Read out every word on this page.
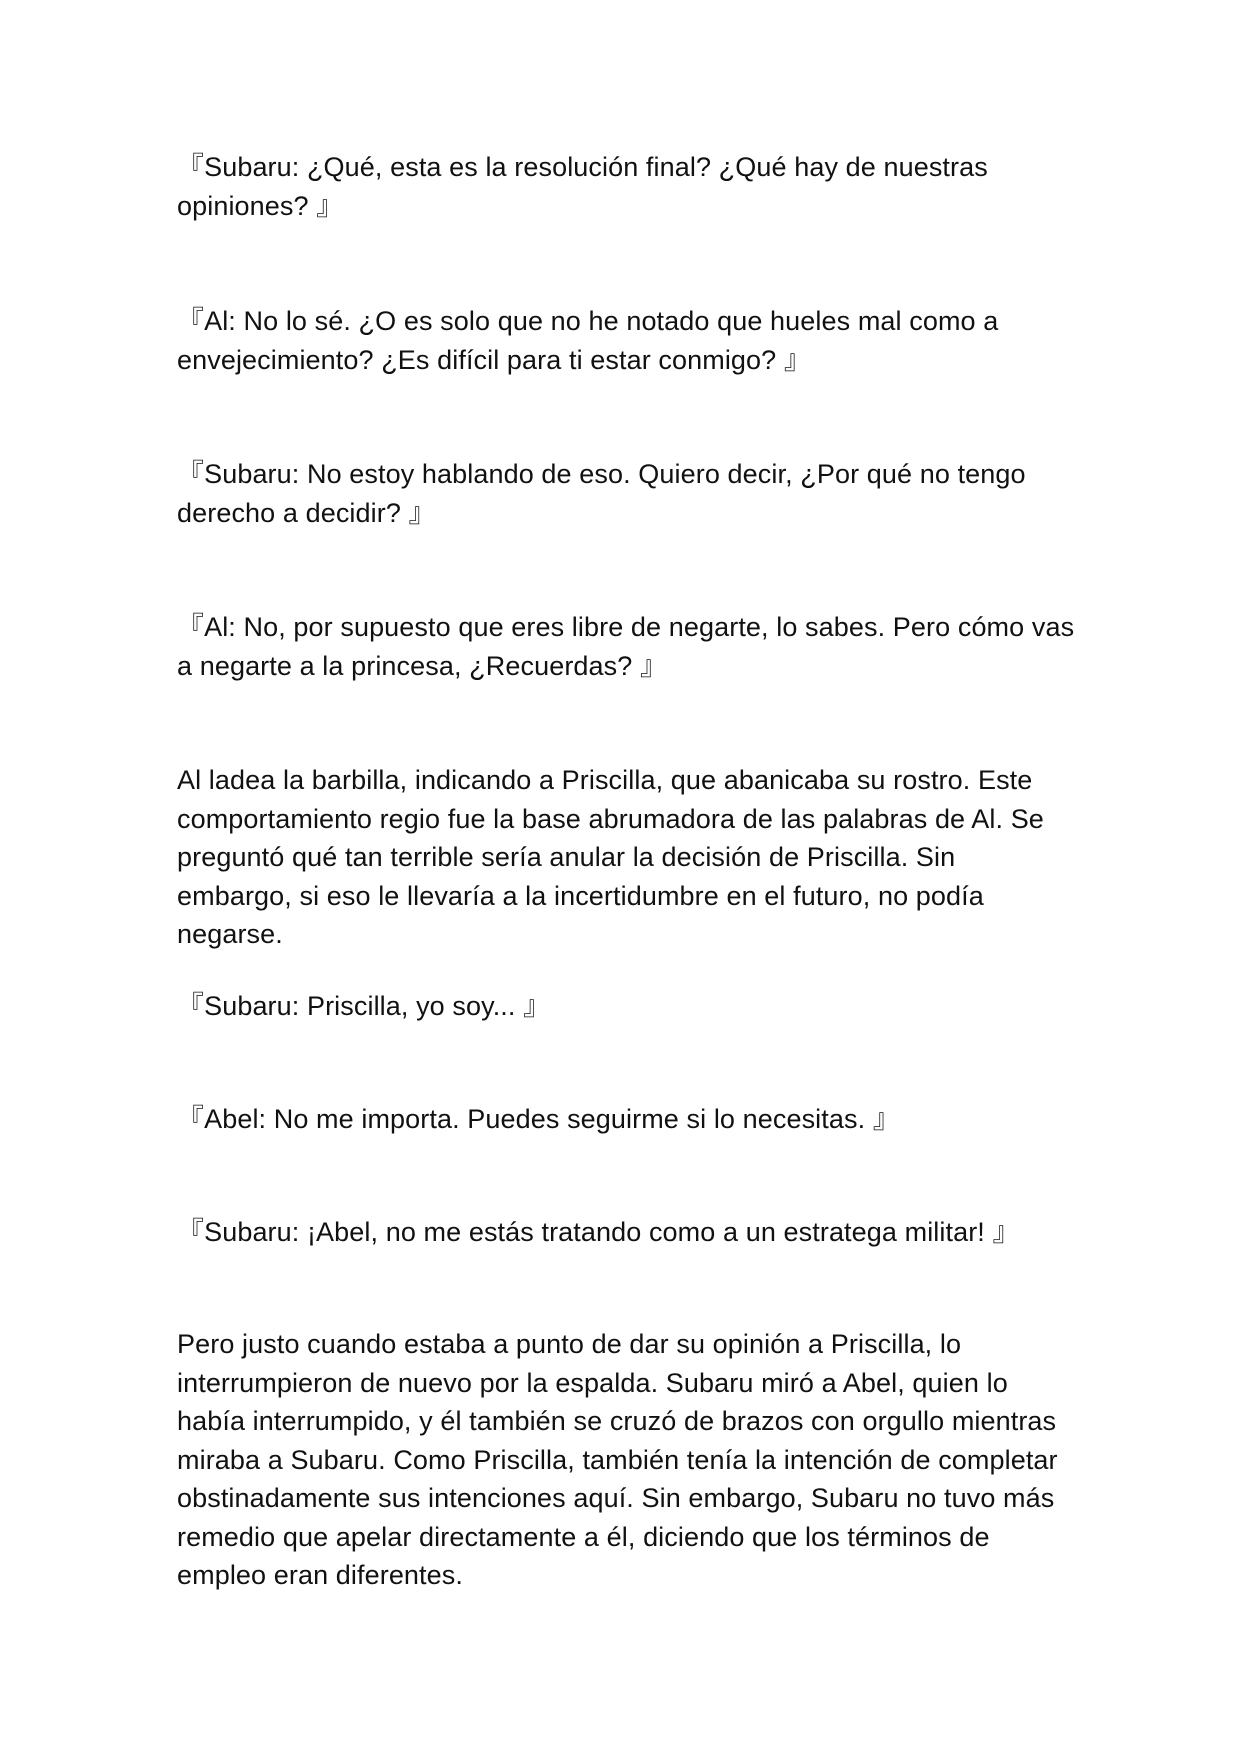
『Subaru: ¿Qué, esta es la resolución final? ¿Qué hay de nuestras opiniones? 』

『Al: No lo sé. ¿O es solo que no he notado que hueles mal como a envejecimiento? ¿Es difícil para ti estar conmigo? 』

『Subaru: No estoy hablando de eso. Quiero decir, ¿Por qué no tengo derecho a decidir? 』

『Al: No, por supuesto que eres libre de negarte, lo sabes. Pero cómo vas a negarte a la princesa, ¿Recuerdas? 』

Al ladea la barbilla, indicando a Priscilla, que abanicaba su rostro. Este comportamiento regio fue la base abrumadora de las palabras de Al. Se preguntó qué tan terrible sería anular la decisión de Priscilla. Sin embargo, si eso le llevaría a la incertidumbre en el futuro, no podía negarse.

『Subaru: Priscilla, yo soy... 』

『Abel: No me importa. Puedes seguirme si lo necesitas. 』

『Subaru: ¡Abel, no me estás tratando como a un estratega militar! 』

Pero justo cuando estaba a punto de dar su opinión a Priscilla, lo interrumpieron de nuevo por la espalda. Subaru miró a Abel, quien lo había interrumpido, y él también se cruzó de brazos con orgullo mientras miraba a Subaru. Como Priscilla, también tenía la intención de completar obstinadamente sus intenciones aquí. Sin embargo, Subaru no tuvo más remedio que apelar directamente a él, diciendo que los términos de empleo eran diferentes.
